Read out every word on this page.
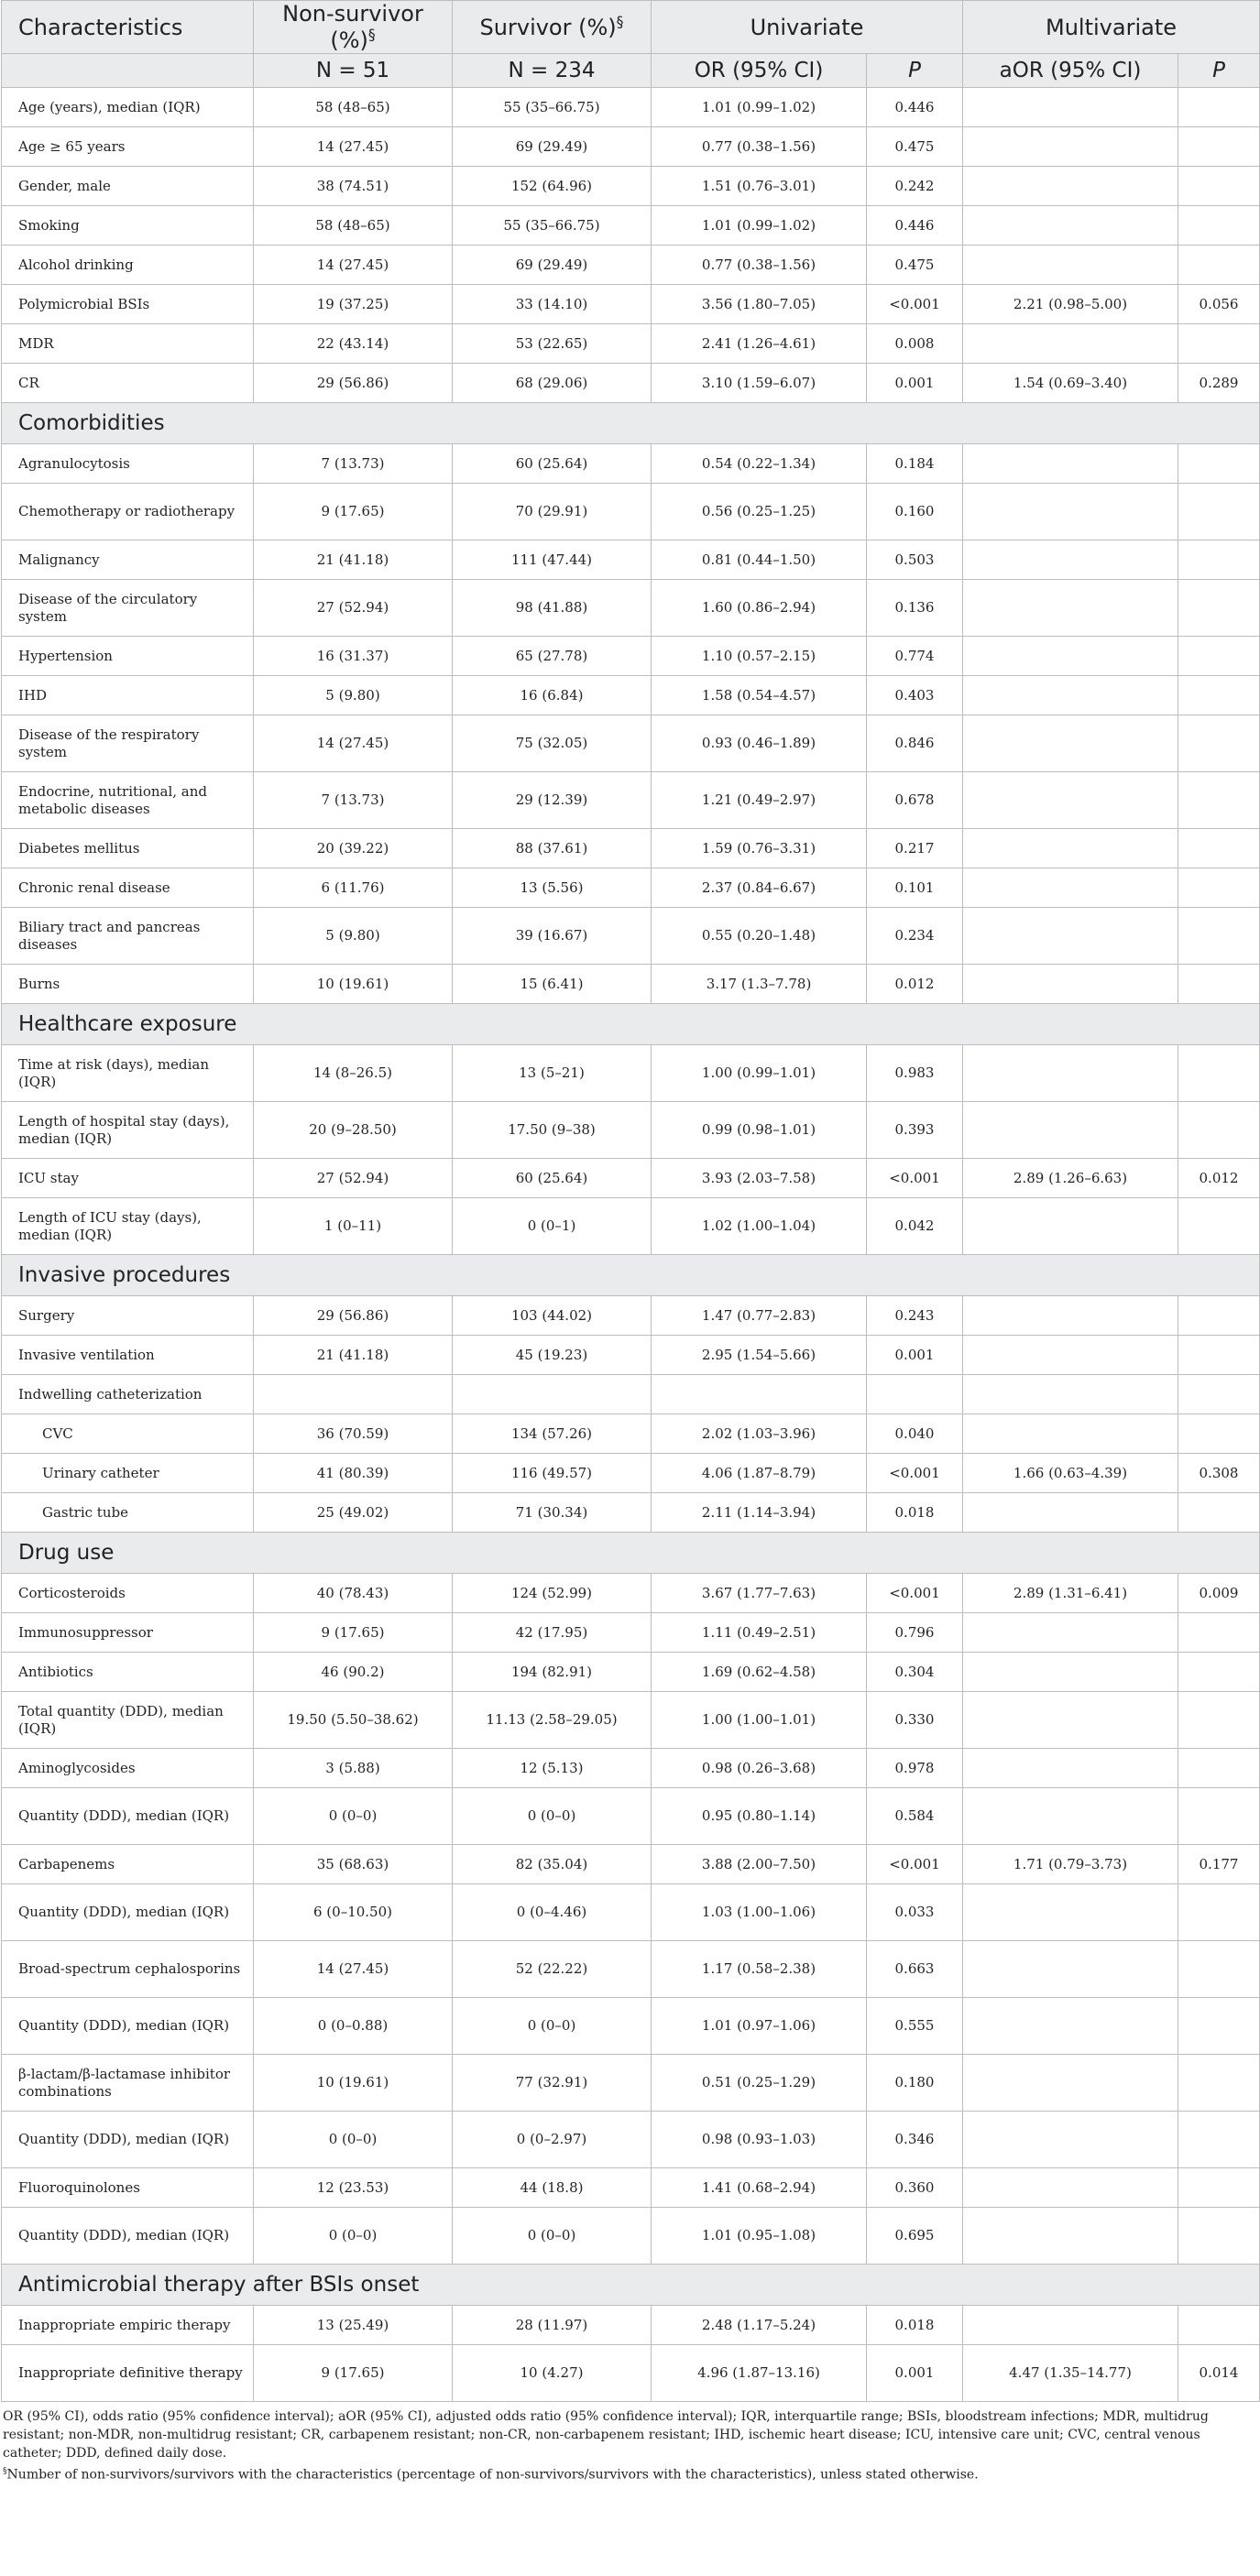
Characteristics	Non-survivor (%)§	Survivor (%)§	Univariate		Multivariate	
	N = 51	N = 234	OR (95% CI)	P	aOR (95% CI)	P
Age (years), median (IQR)	58 (48–65)	55 (35–66.75)	1.01 (0.99–1.02)	0.446		
Age ≥ 65 years	14 (27.45)	69 (29.49)	0.77 (0.38–1.56)	0.475		
Gender, male	38 (74.51)	152 (64.96)	1.51 (0.76–3.01)	0.242		
Smoking	58 (48–65)	55 (35–66.75)	1.01 (0.99–1.02)	0.446		
Alcohol drinking	14 (27.45)	69 (29.49)	0.77 (0.38–1.56)	0.475		
Polymicrobial BSIs	19 (37.25)	33 (14.10)	3.56 (1.80–7.05)	<0.001	2.21 (0.98–5.00)	0.056
MDR	22 (43.14)	53 (22.65)	2.41 (1.26–4.61)	0.008		
CR	29 (56.86)	68 (29.06)	3.10 (1.59–6.07)	0.001	1.54 (0.69–3.40)	0.289
Comorbidities						
Agranulocytosis	7 (13.73)	60 (25.64)	0.54 (0.22–1.34)	0.184		
Chemotherapy or radiotherapy	9 (17.65)	70 (29.91)	0.56 (0.25–1.25)	0.160		
Malignancy	21 (41.18)	111 (47.44)	0.81 (0.44–1.50)	0.503		
Disease of the circulatory system	27 (52.94)	98 (41.88)	1.60 (0.86–2.94)	0.136		
Hypertension	16 (31.37)	65 (27.78)	1.10 (0.57–2.15)	0.774		
IHD	5 (9.80)	16 (6.84)	1.58 (0.54–4.57)	0.403		
Disease of the respiratory system	14 (27.45)	75 (32.05)	0.93 (0.46–1.89)	0.846		
Endocrine, nutritional, and metabolic diseases	7 (13.73)	29 (12.39)	1.21 (0.49–2.97)	0.678		
Diabetes mellitus	20 (39.22)	88 (37.61)	1.59 (0.76–3.31)	0.217		
Chronic renal disease	6 (11.76)	13 (5.56)	2.37 (0.84–6.67)	0.101		
Biliary tract and pancreas diseases	5 (9.80)	39 (16.67)	0.55 (0.20–1.48)	0.234		
Burns	10 (19.61)	15 (6.41)	3.17 (1.3–7.78)	0.012		
Healthcare exposure						
Time at risk (days), median (IQR)	14 (8–26.5)	13 (5–21)	1.00 (0.99–1.01)	0.983		
Length of hospital stay (days), median (IQR)	20 (9–28.50)	17.50 (9–38)	0.99 (0.98–1.01)	0.393		
ICU stay	27 (52.94)	60 (25.64)	3.93 (2.03–7.58)	<0.001	2.89 (1.26–6.63)	0.012
Length of ICU stay (days), median (IQR)	1 (0–11)	0 (0–1)	1.02 (1.00–1.04)	0.042		
Invasive procedures						
Surgery	29 (56.86)	103 (44.02)	1.47 (0.77–2.83)	0.243		
Invasive ventilation	21 (41.18)	45 (19.23)	2.95 (1.54–5.66)	0.001		
Indwelling catheterization						
CVC	36 (70.59)	134 (57.26)	2.02 (1.03–3.96)	0.040		
Urinary catheter	41 (80.39)	116 (49.57)	4.06 (1.87–8.79)	<0.001	1.66 (0.63–4.39)	0.308
Gastric tube	25 (49.02)	71 (30.34)	2.11 (1.14–3.94)	0.018		
Drug use						
Corticosteroids	40 (78.43)	124 (52.99)	3.67 (1.77–7.63)	<0.001	2.89 (1.31–6.41)	0.009
Immunosuppressor	9 (17.65)	42 (17.95)	1.11 (0.49–2.51)	0.796		
Antibiotics	46 (90.2)	194 (82.91)	1.69 (0.62–4.58)	0.304		
Total quantity (DDD), median (IQR)	19.50 (5.50–38.62)	11.13 (2.58–29.05)	1.00 (1.00–1.01)	0.330		
Aminoglycosides	3 (5.88)	12 (5.13)	0.98 (0.26–3.68)	0.978		
Quantity (DDD), median (IQR)	0 (0–0)	0 (0–0)	0.95 (0.80–1.14)	0.584		
Carbapenems	35 (68.63)	82 (35.04)	3.88 (2.00–7.50)	<0.001	1.71 (0.79–3.73)	0.177
Quantity (DDD), median (IQR)	6 (0–10.50)	0 (0–4.46)	1.03 (1.00–1.06)	0.033		
Broad-spectrum cephalosporins	14 (27.45)	52 (22.22)	1.17 (0.58–2.38)	0.663		
Quantity (DDD), median (IQR)	0 (0–0.88)	0 (0–0)	1.01 (0.97–1.06)	0.555		
β-lactam/β-lactamase inhibitor combinations	10 (19.61)	77 (32.91)	0.51 (0.25–1.29)	0.180		
Quantity (DDD), median (IQR)	0 (0–0)	0 (0–2.97)	0.98 (0.93–1.03)	0.346		
Fluoroquinolones	12 (23.53)	44 (18.8)	1.41 (0.68–2.94)	0.360		
Quantity (DDD), median (IQR)	0 (0–0)	0 (0–0)	1.01 (0.95–1.08)	0.695		
Antimicrobial therapy after BSIs onset						
Inappropriate empiric therapy	13 (25.49)	28 (11.97)	2.48 (1.17–5.24)	0.018		
Inappropriate definitive therapy	9 (17.65)	10 (4.27)	4.96 (1.87–13.16)	0.001	4.47 (1.35–14.77)	0.014

OR (95% CI), odds ratio (95% confidence interval); aOR (95% CI), adjusted odds ratio (95% confidence interval); IQR, interquartile range; BSIs, bloodstream infections; MDR, multidrug resistant; non-MDR, non-multidrug resistant; CR, carbapenem resistant; non-CR, non-carbapenem resistant; IHD, ischemic heart disease; ICU, intensive care unit; CVC, central venous catheter; DDD, defined daily dose.

§Number of non-survivors/survivors with the characteristics (percentage of non-survivors/survivors with the characteristics), unless stated otherwise.
